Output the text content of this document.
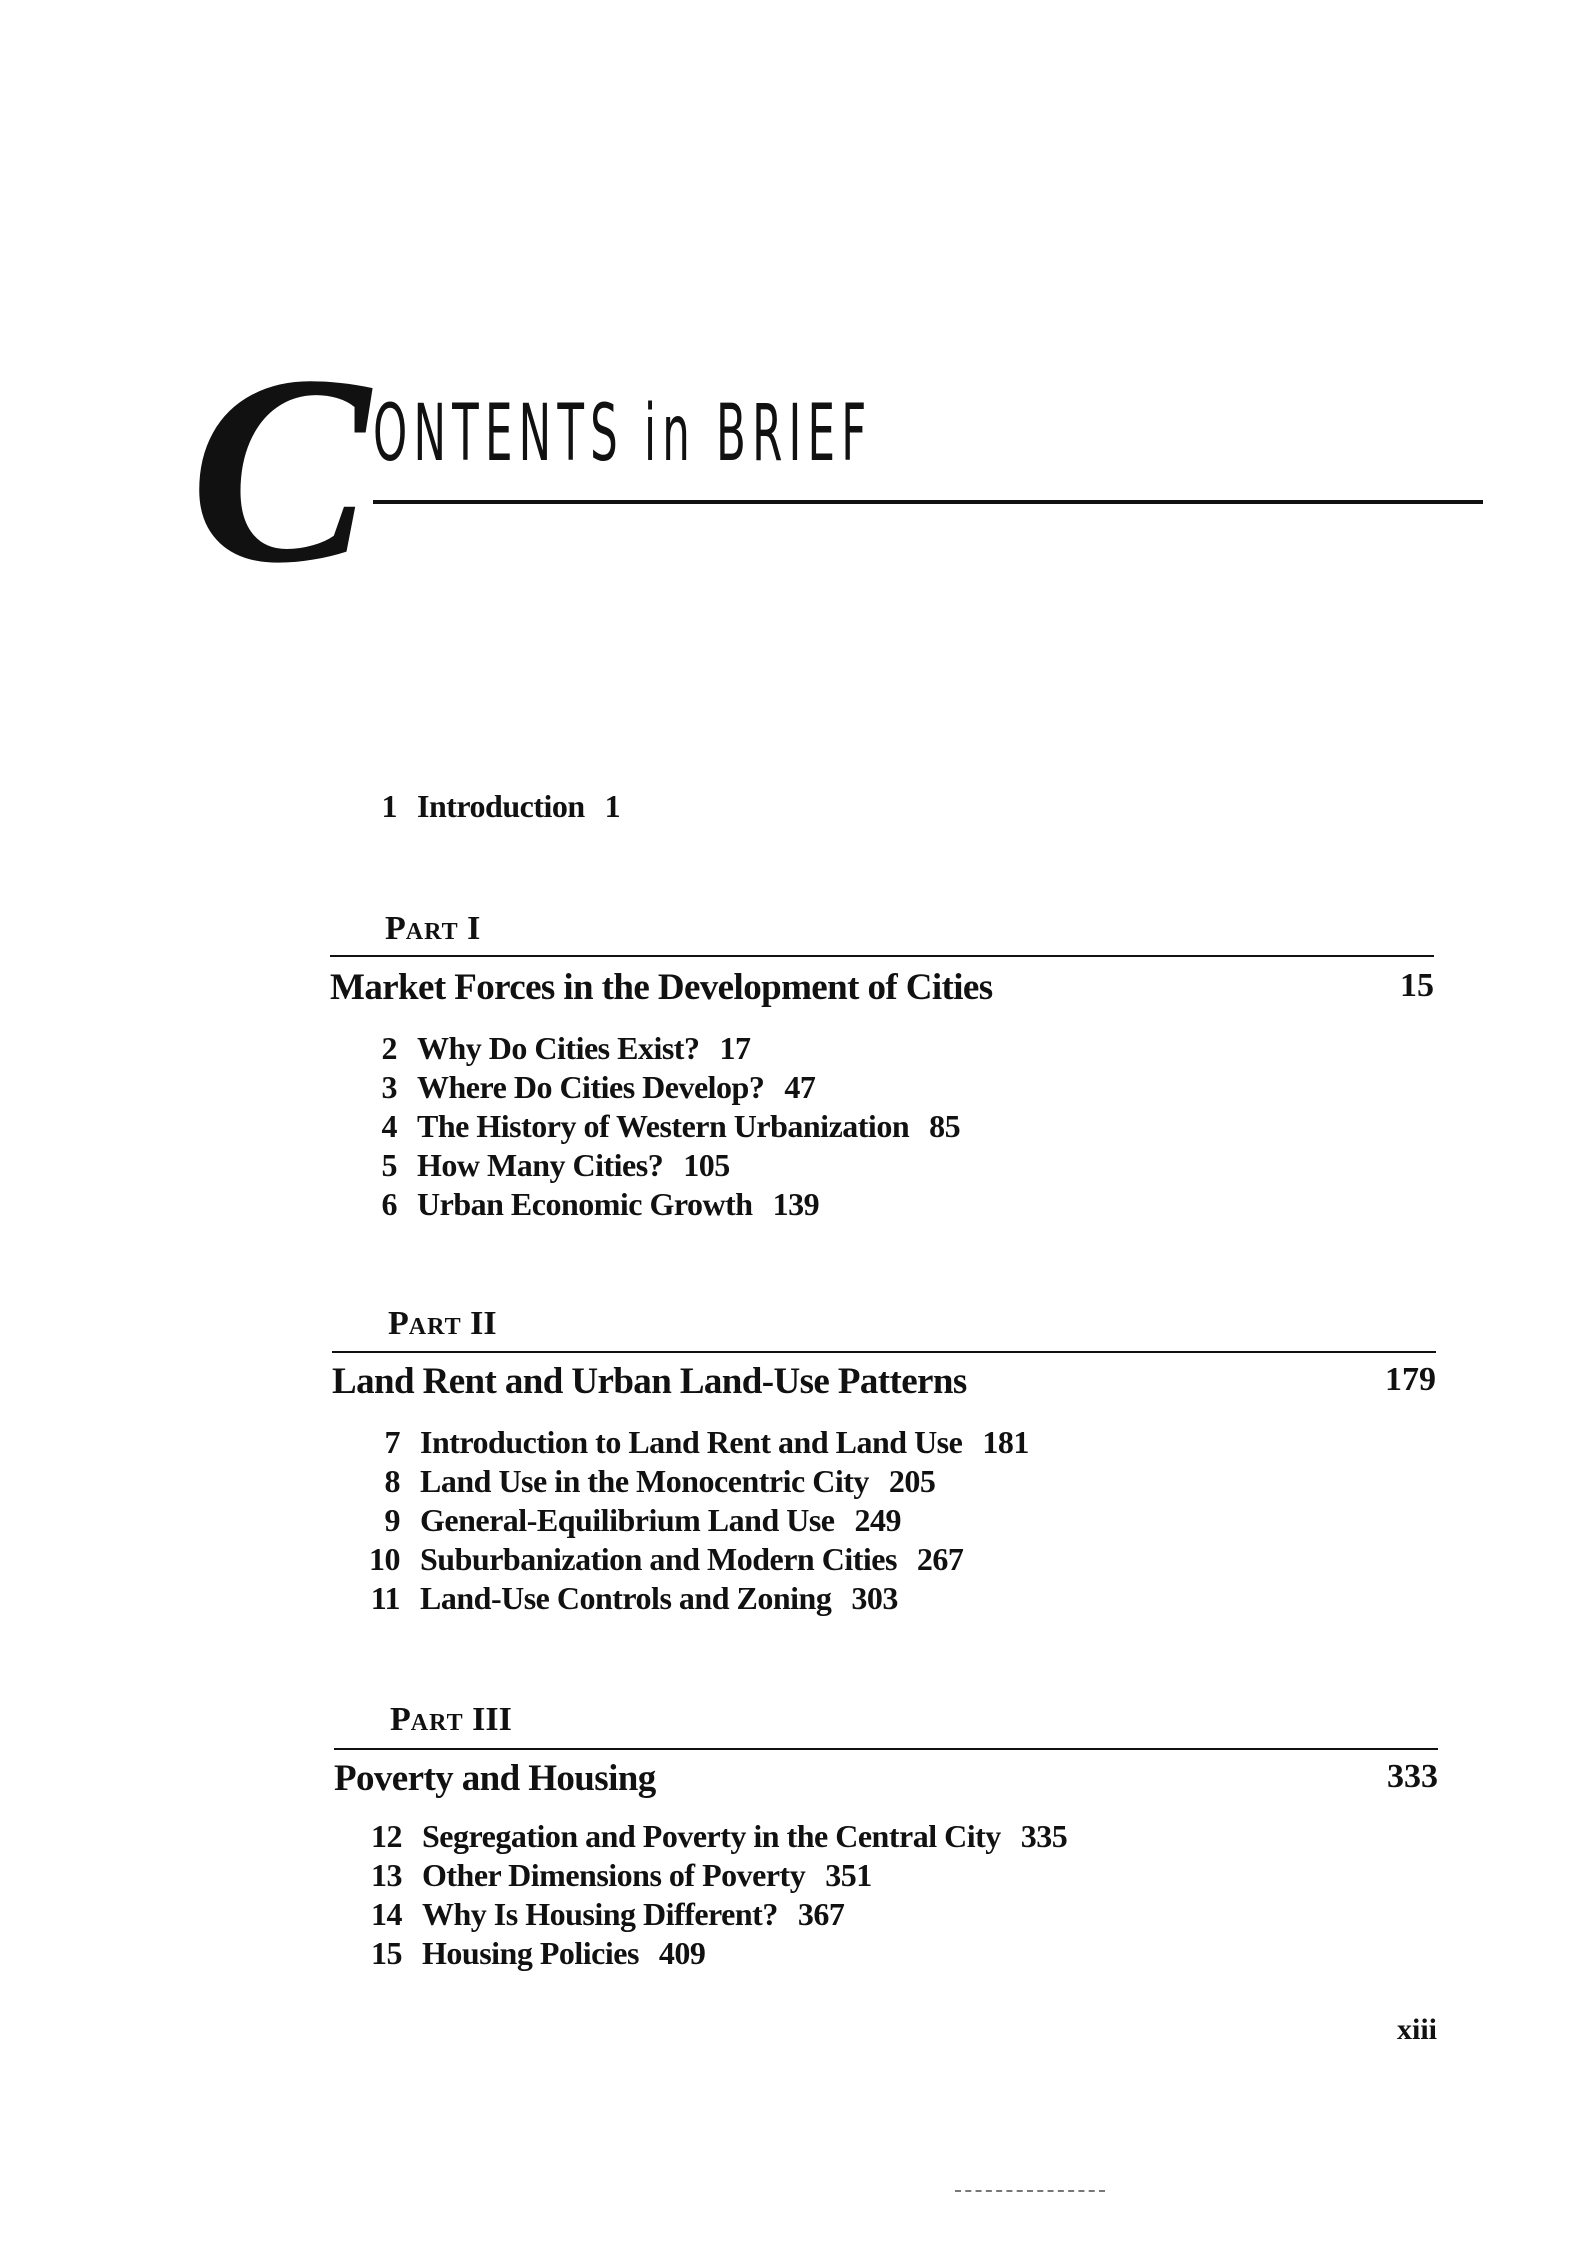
C ONTENTS in BRIEF
1 Introduction 1
PART I
Market Forces in the Development of Cities	15
2 Why Do Cities Exist? 17
3 Where Do Cities Develop? 47
4 The History of Western Urbanization 85
5 How Many Cities? 105
6 Urban Economic Growth 139
PART II
Land Rent and Urban Land-Use Patterns	179
7 Introduction to Land Rent and Land Use 181
8 Land Use in the Monocentric City 205
9 General-Equilibrium Land Use 249
10 Suburbanization and Modern Cities 267
11 Land-Use Controls and Zoning 303
PART III
Poverty and Housing	333
12 Segregation and Poverty in the Central City 335
13 Other Dimensions of Poverty 351
14 Why Is Housing Different? 367
15 Housing Policies 409
xiii
